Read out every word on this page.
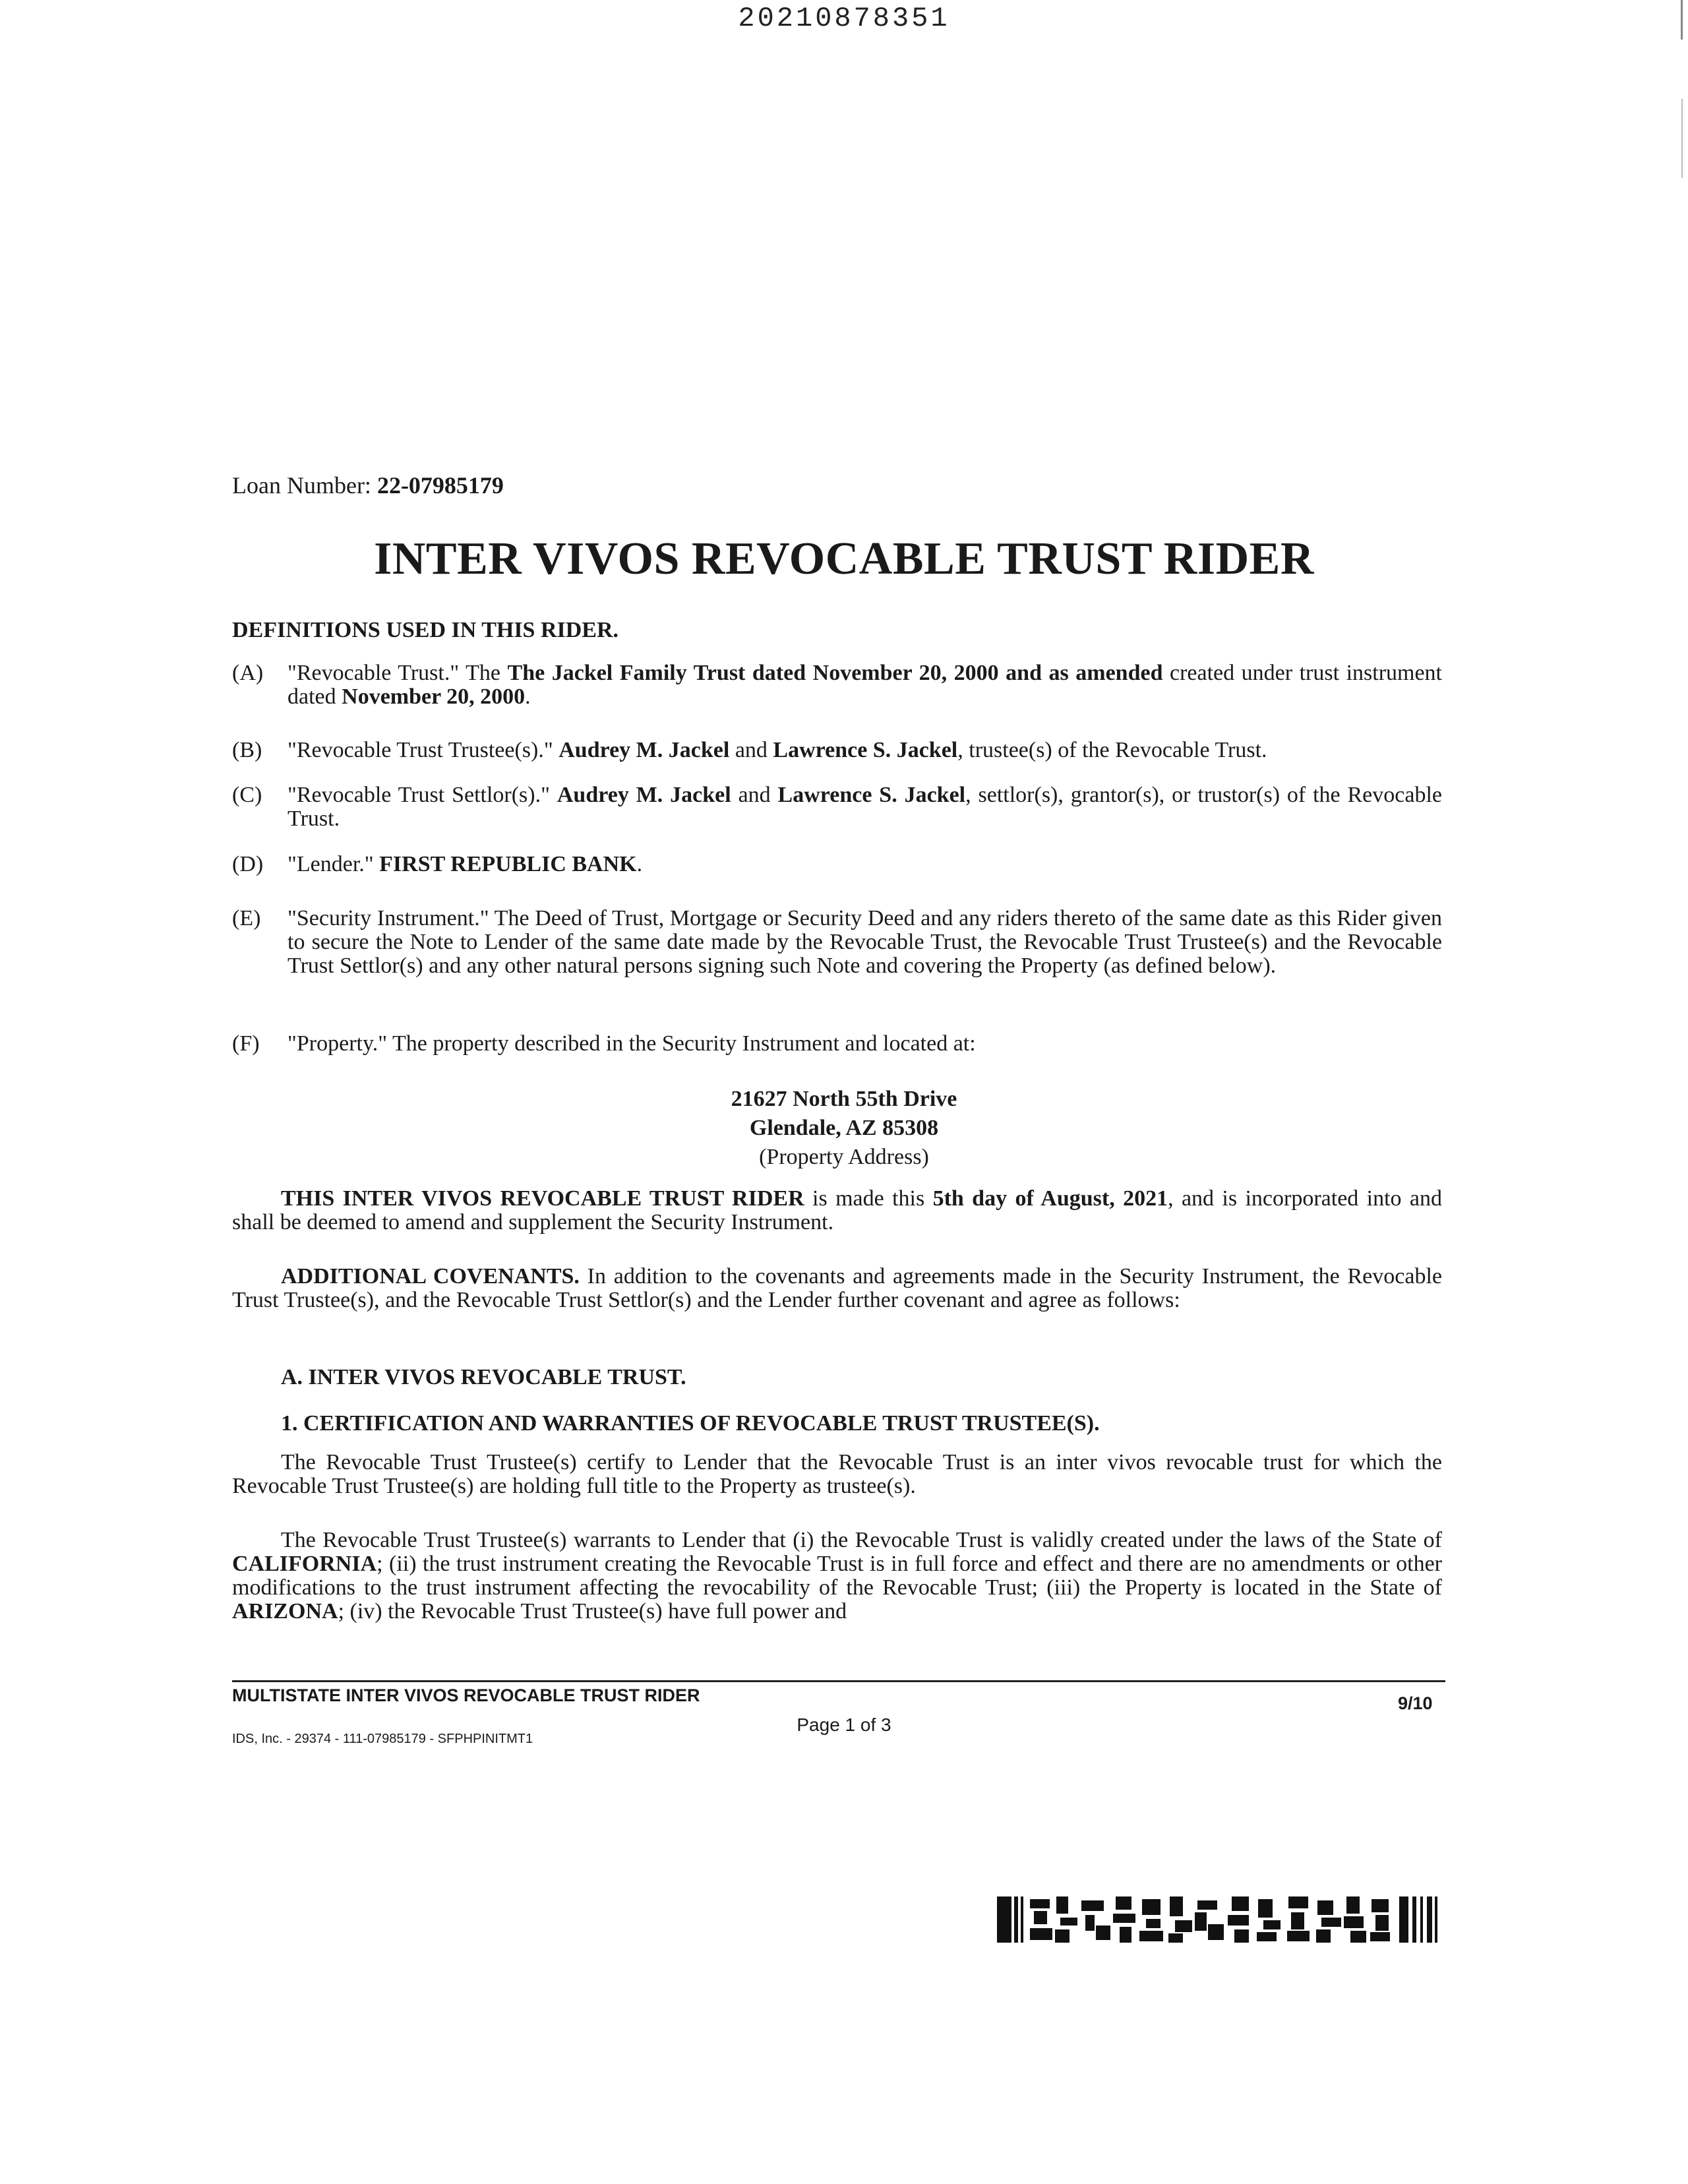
20210878351
Loan Number: 22-07985179
INTER VIVOS REVOCABLE TRUST RIDER
DEFINITIONS USED IN THIS RIDER.
(A) "Revocable Trust." The The Jackel Family Trust dated November 20, 2000 and as amended created under trust instrument dated November 20, 2000.
(B) "Revocable Trust Trustee(s)." Audrey M. Jackel and Lawrence S. Jackel, trustee(s) of the Revocable Trust.
(C) "Revocable Trust Settlor(s)." Audrey M. Jackel and Lawrence S. Jackel, settlor(s), grantor(s), or trustor(s) of the Revocable Trust.
(D) "Lender." FIRST REPUBLIC BANK.
(E) "Security Instrument." The Deed of Trust, Mortgage or Security Deed and any riders thereto of the same date as this Rider given to secure the Note to Lender of the same date made by the Revocable Trust, the Revocable Trust Trustee(s) and the Revocable Trust Settlor(s) and any other natural persons signing such Note and covering the Property (as defined below).
(F) "Property." The property described in the Security Instrument and located at:
21627 North 55th Drive
Glendale, AZ 85308
(Property Address)
THIS INTER VIVOS REVOCABLE TRUST RIDER is made this 5th day of August, 2021, and is incorporated into and shall be deemed to amend and supplement the Security Instrument.
ADDITIONAL COVENANTS. In addition to the covenants and agreements made in the Security Instrument, the Revocable Trust Trustee(s), and the Revocable Trust Settlor(s) and the Lender further covenant and agree as follows:
A. INTER VIVOS REVOCABLE TRUST.
1. CERTIFICATION AND WARRANTIES OF REVOCABLE TRUST TRUSTEE(S).
The Revocable Trust Trustee(s) certify to Lender that the Revocable Trust is an inter vivos revocable trust for which the Revocable Trust Trustee(s) are holding full title to the Property as trustee(s).
The Revocable Trust Trustee(s) warrants to Lender that (i) the Revocable Trust is validly created under the laws of the State of CALIFORNIA; (ii) the trust instrument creating the Revocable Trust is in full force and effect and there are no amendments or other modifications to the trust instrument affecting the revocability of the Revocable Trust; (iii) the Property is located in the State of ARIZONA; (iv) the Revocable Trust Trustee(s) have full power and
MULTISTATE INTER VIVOS REVOCABLE TRUST RIDER	9/10
Page 1 of 3
IDS, Inc. - 29374 - 111-07985179 - SFPHPINITMT1
